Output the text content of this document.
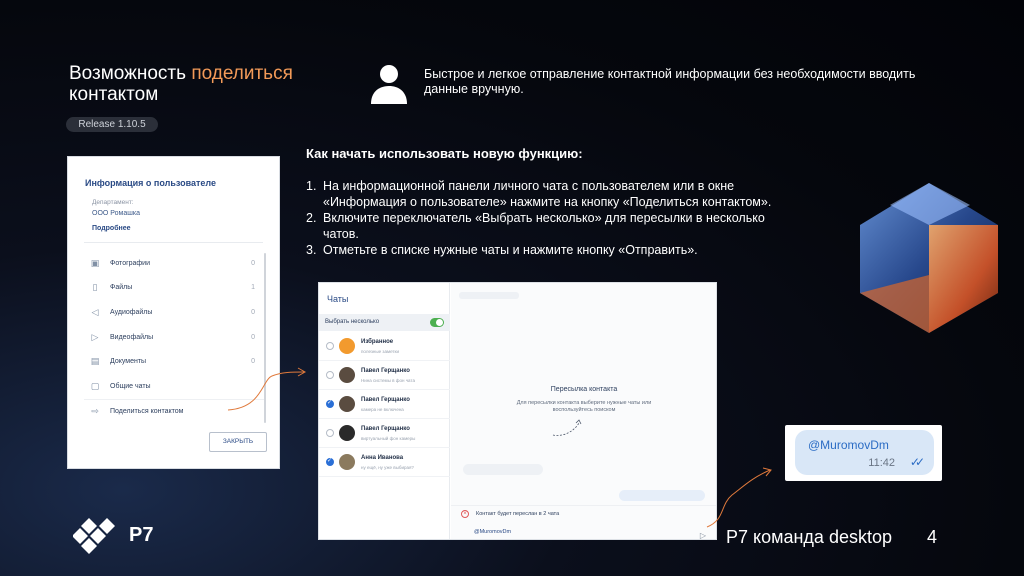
Возможность поделиться
контактом
Release 1.10.5
Быстрое и легкое отправление контактной информации без необходимости вводить данные вручную.
Как начать использовать новую функцию:
1. На информационной панели личного чата с пользователем или в окне «Информация о пользователе» нажмите на кнопку «Поделиться контактом».
2. Включите переключатель «Выбрать несколько» для пересылки в несколько чатов.
3. Отметьте в списке нужные чаты и нажмите кнопку «Отправить».
Информация о пользователе
Департамент:
ООО Ромашка
Подробнее
▣	Фотографии	0
▯	Файлы	1
◁	Аудиофайлы	0
▷	Видеофайлы	0
▤	Документы	0
▢	Общие чаты
⇨	Поделиться контактом
ЗАКРЫТЬ
Чаты
Выбрать несколько
Избранное
полезные заметки
Павел Герщанко
Нина системы в фон чата
✓
Павел Герщанко
камера не включена
Павел Герщанко
виртуальный фон камеры
✓
Анна Иванова
ну ещё, ну уже выбирая?
Пересылка контакта
Для пересылки контакта выберите нужные чаты или воспользуйтесь поиском
×	Контакт будет переслан в 2 чата
@MuromovDm	▷
@MuromovDm
11:42 ✓✓
Р7	P7 команда desktop 4
